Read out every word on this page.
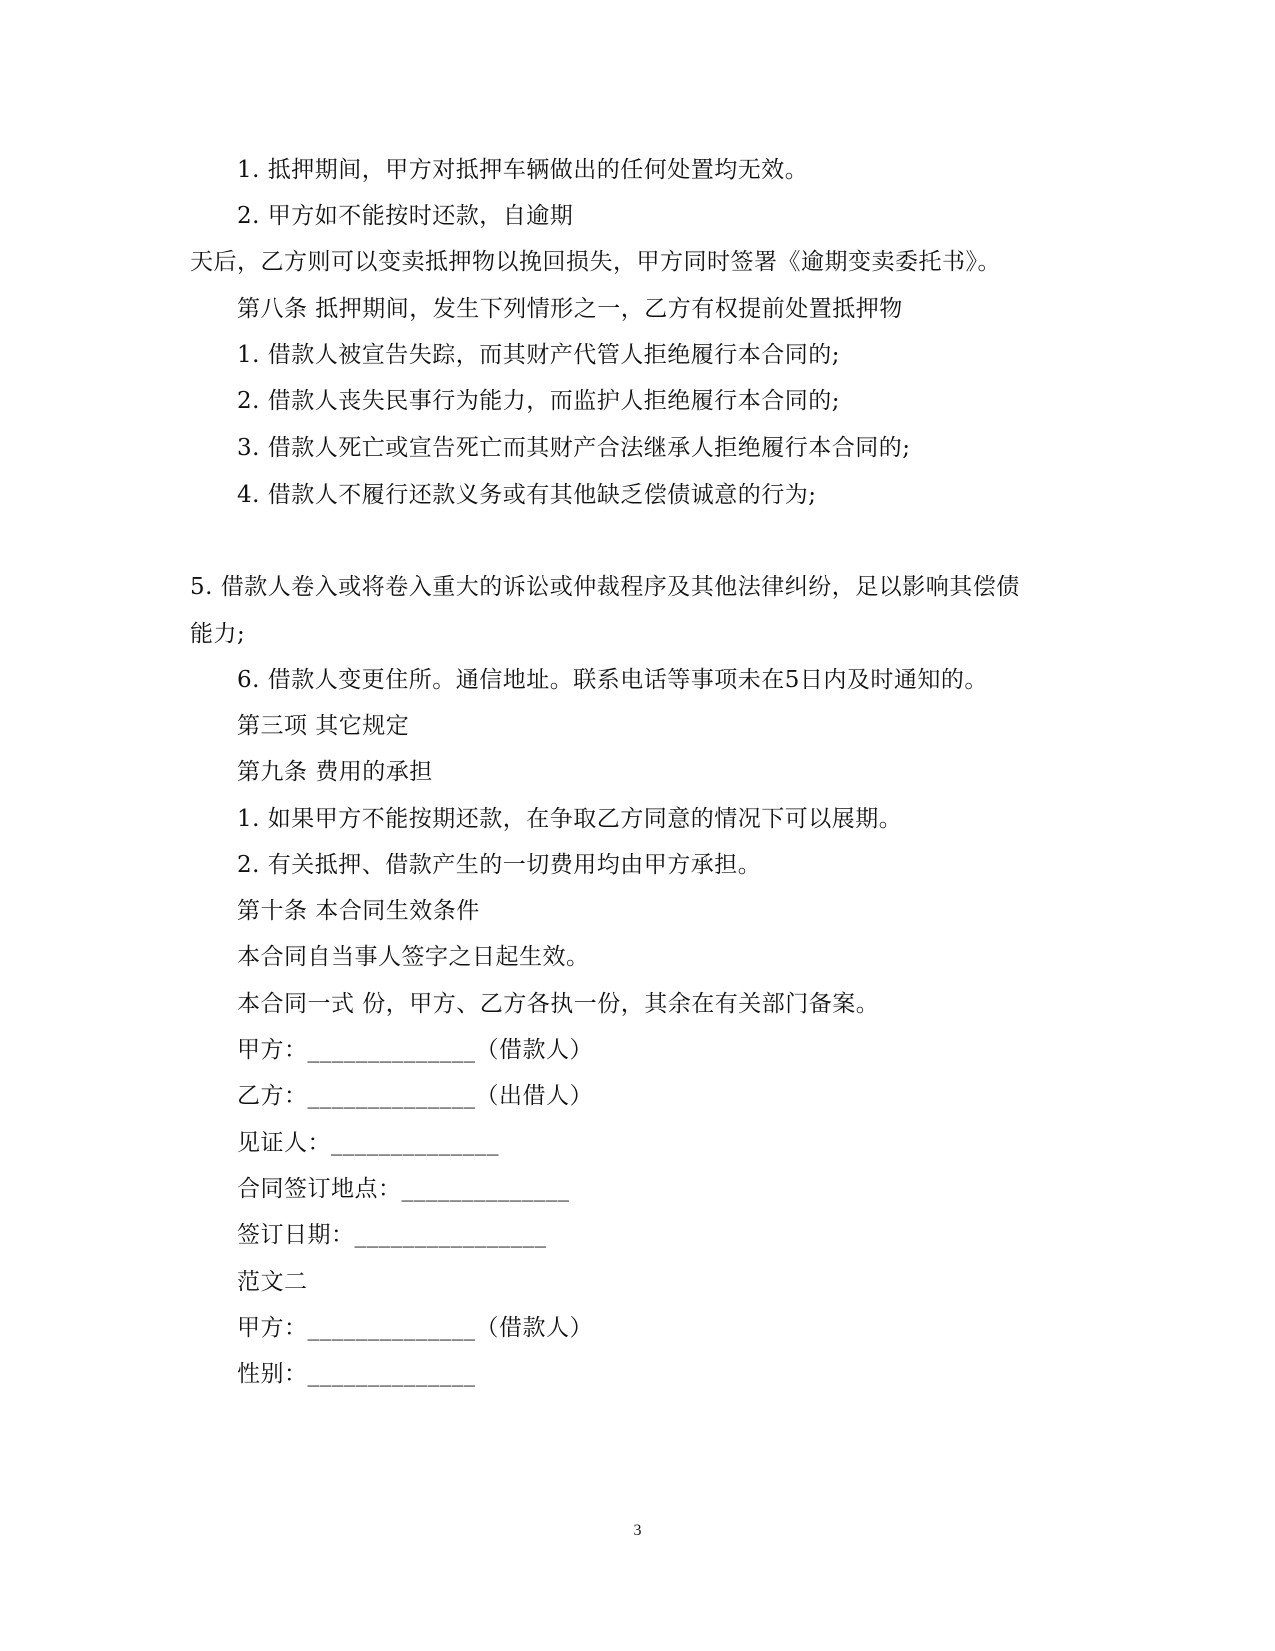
1. 抵押期间，甲方对抵押车辆做出的任何处置均无效。
2. 甲方如不能按时还款，自逾期
天后，乙方则可以变卖抵押物以挽回损失，甲方同时签署《逾期变卖委托书》。
第八条 抵押期间，发生下列情形之一，乙方有权提前处置抵押物
1. 借款人被宣告失踪，而其财产代管人拒绝履行本合同的;
2. 借款人丧失民事行为能力，而监护人拒绝履行本合同的;
3. 借款人死亡或宣告死亡而其财产合法继承人拒绝履行本合同的;
4. 借款人不履行还款义务或有其他缺乏偿债诚意的行为;
5. 借款人卷入或将卷入重大的诉讼或仲裁程序及其他法律纠纷，足以影响其偿债
能力;
6. 借款人变更住所。通信地址。联系电话等事项未在5日内及时通知的。
第三项 其它规定
第九条 费用的承担
1. 如果甲方不能按期还款，在争取乙方同意的情况下可以展期。
2. 有关抵押、借款产生的一切费用均由甲方承担。
第十条 本合同生效条件
本合同自当事人签字之日起生效。
本合同一式 份，甲方、乙方各执一份，其余在有关部门备案。
甲方：______________（借款人）
乙方：______________（出借人）
见证人：______________
合同签订地点：______________
签订日期：________________
范文二
甲方：______________（借款人）
性别：______________
3
